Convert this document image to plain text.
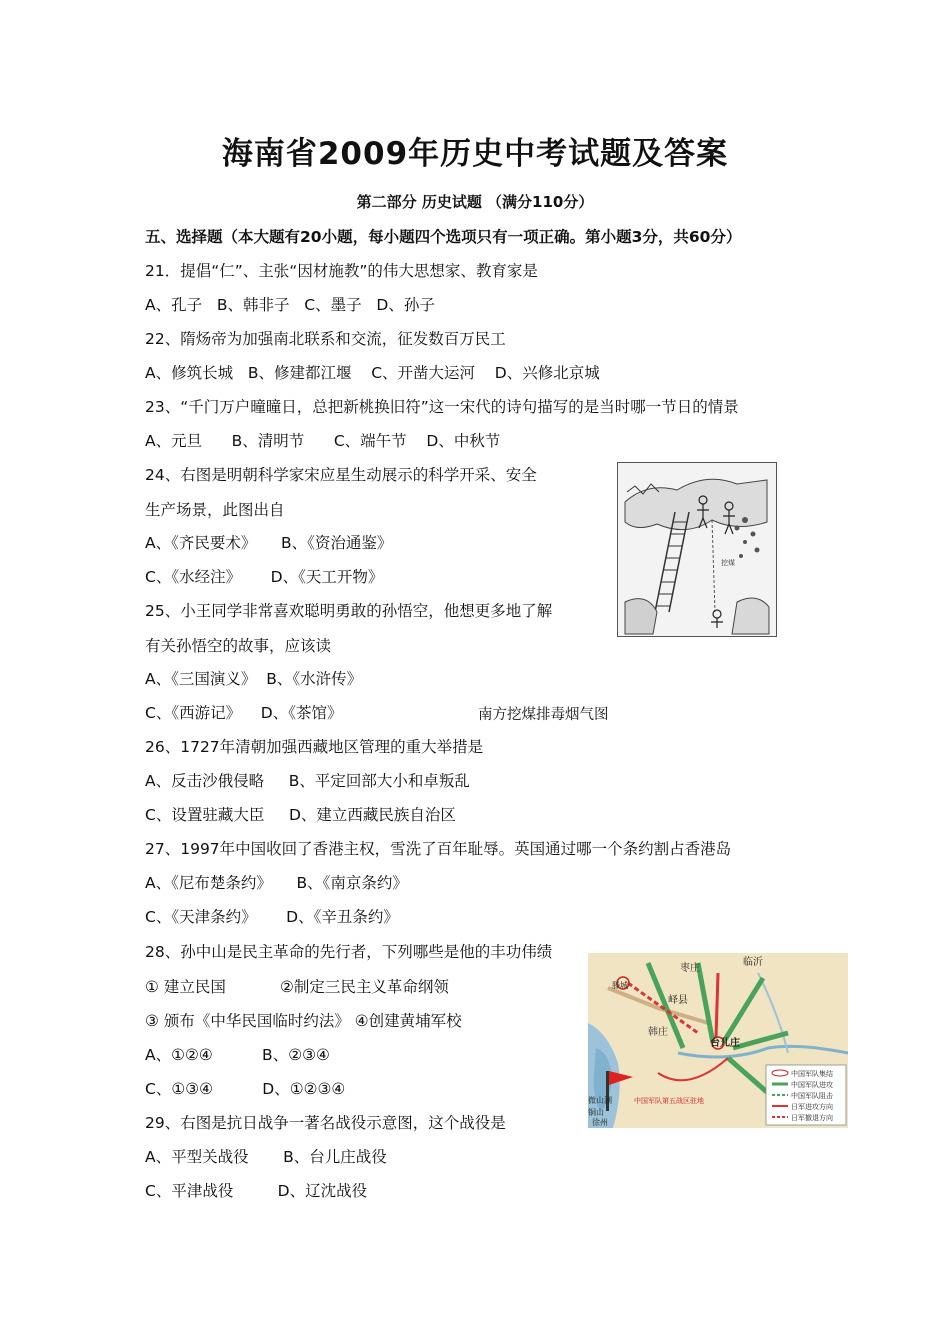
海南省2009年历史中考试题及答案
第二部分 历史试题 （满分110分）
五、选择题（本大题有20小题，每小题四个选项只有一项正确。第小题3分，共60分）
21．提倡“仁”、主张“因材施教”的伟大思想家、教育家是
A、孔子   B、韩非子   C、墨子   D、孙子
22、隋炀帝为加强南北联系和交流，征发数百万民工
A、修筑长城   B、修建都江堰    C、开凿大运河    D、兴修北京城
23、“千门万户曈曈日，总把新桃换旧符”这一宋代的诗句描写的是当时哪一节日的情景
A、元旦      B、清明节      C、端午节    D、中秋节
24、右图是明朝科学家宋应星生动展示的科学开采、安全
生产场景，此图出自
A、《齐民要术》     B、《资治通鉴》
C、《水经注》      D、《天工开物》
25、小王同学非常喜欢聪明勇敢的孙悟空，他想更多地了解
有关孙悟空的故事，应该读
A、《三国演义》  B、《水浒传》
C、《西游记》    D、《茶馆》	南方挖煤排毒烟气图
26、1727年清朝加强西藏地区管理的重大举措是
A、反击沙俄侵略     B、平定回部大小和卓叛乱
C、设置驻藏大臣     D、建立西藏民族自治区
27、1997年中国收回了香港主权，雪洗了百年耻辱。英国通过哪一个条约割占香港岛
A、《尼布楚条约》     B、《南京条约》
C、《天津条约》      D、《辛丑条约》
28、孙中山是民主革命的先行者，下列哪些是他的丰功伟绩
① 建立民国           ②制定三民主义革命纲领
③ 颁布《中华民国临时约法》 ④创建黄埔军校
A、①②④          B、②③④
C、①③④          D、①②③④
29、右图是抗日战争一著名战役示意图，这个战役是
A、平型关战役       B、台儿庄战役
C、平津战役         D、辽沈战役
挖煤
枣庄
峄县
韩庄
台儿庄
微山湖
徐州
铜山
滕城
临沂
中国军队第五战区驻地
中国军队集结
中国军队进攻
中国军队阻击
日军进攻方向
日军撤退方向
